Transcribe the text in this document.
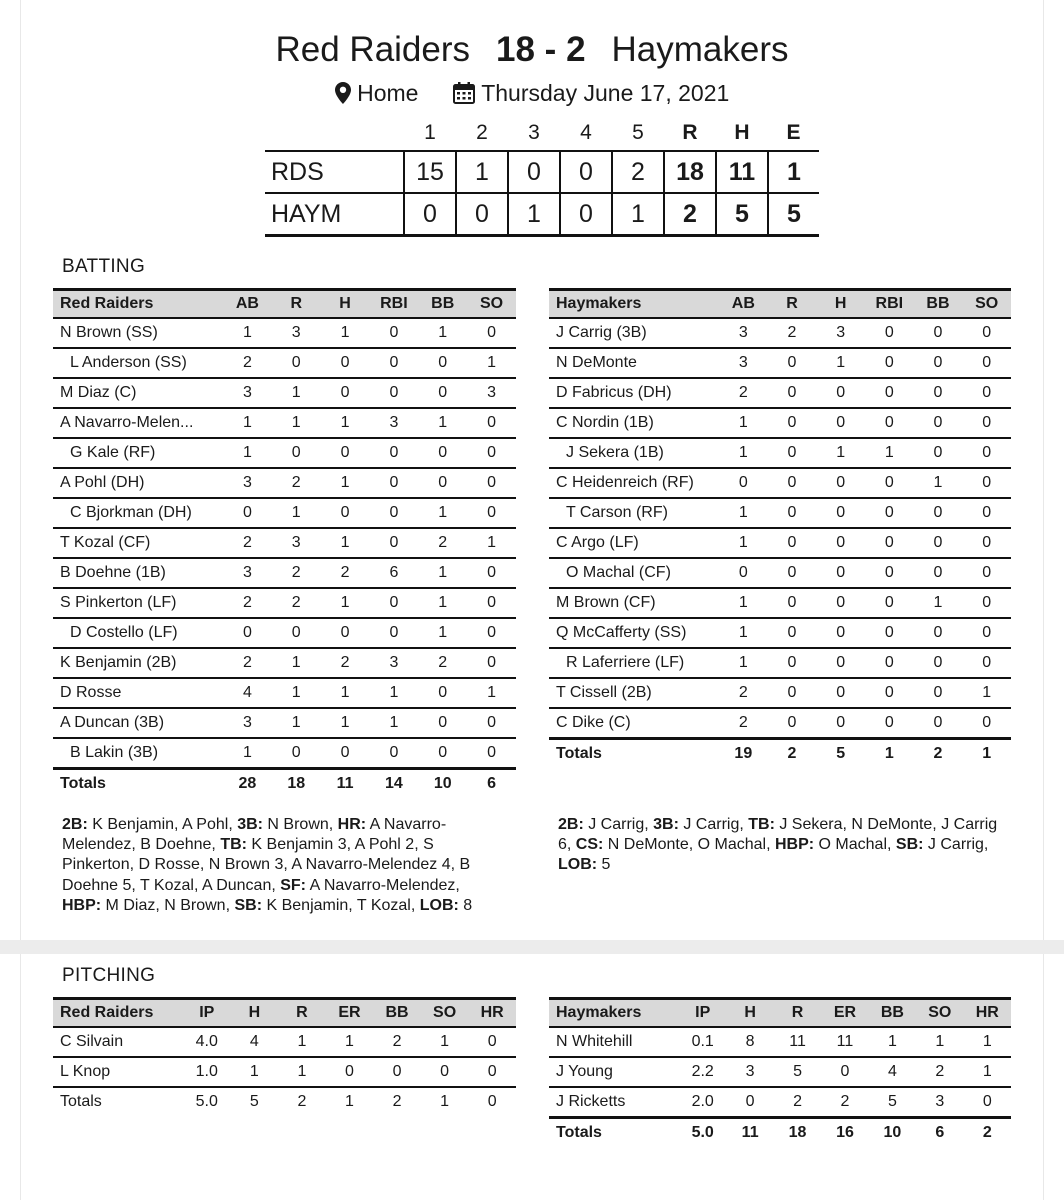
Red Raiders 18 - 2 Haymakers
Home	Thursday June 17, 2021
	1	2	3	4	5	R	H	E
RDS	15	1	0	0	2	18	11	1
HAYM	0	0	1	0	1	2	5	5
BATTING
Red Raiders	AB	R	H	RBI	BB	SO
N Brown (SS)	1	3	1	0	1	0
L Anderson (SS)	2	0	0	0	0	1
M Diaz (C)	3	1	0	0	0	3
A Navarro-Melen...	1	1	1	3	1	0
G Kale (RF)	1	0	0	0	0	0
A Pohl (DH)	3	2	1	0	0	0
C Bjorkman (DH)	0	1	0	0	1	0
T Kozal (CF)	2	3	1	0	2	1
B Doehne (1B)	3	2	2	6	1	0
S Pinkerton (LF)	2	2	1	0	1	0
D Costello (LF)	0	0	0	0	1	0
K Benjamin (2B)	2	1	2	3	2	0
D Rosse	4	1	1	1	0	1
A Duncan (3B)	3	1	1	1	0	0
B Lakin (3B)	1	0	0	0	0	0
Totals	28	18	11	14	10	6
Haymakers	AB	R	H	RBI	BB	SO
J Carrig (3B)	3	2	3	0	0	0
N DeMonte	3	0	1	0	0	0
D Fabricus (DH)	2	0	0	0	0	0
C Nordin (1B)	1	0	0	0	0	0
J Sekera (1B)	1	0	1	1	0	0
C Heidenreich (RF)	0	0	0	0	1	0
T Carson (RF)	1	0	0	0	0	0
C Argo (LF)	1	0	0	0	0	0
O Machal (CF)	0	0	0	0	0	0
M Brown (CF)	1	0	0	0	1	0
Q McCafferty (SS)	1	0	0	0	0	0
R Laferriere (LF)	1	0	0	0	0	0
T Cissell (2B)	2	0	0	0	0	1
C Dike (C)	2	0	0	0	0	0
Totals	19	2	5	1	2	1
2B: K Benjamin, A Pohl, 3B: N Brown, HR: A Navarro-Melendez, B Doehne, TB: K Benjamin 3, A Pohl 2, S Pinkerton, D Rosse, N Brown 3, A Navarro-Melendez 4, B Doehne 5, T Kozal, A Duncan, SF: A Navarro-Melendez, HBP: M Diaz, N Brown, SB: K Benjamin, T Kozal, LOB: 8
2B: J Carrig, 3B: J Carrig, TB: J Sekera, N DeMonte, J Carrig 6, CS: N DeMonte, O Machal, HBP: O Machal, SB: J Carrig, LOB: 5
PITCHING
Red Raiders	IP	H	R	ER	BB	SO	HR
C Silvain	4.0	4	1	1	2	1	0
L Knop	1.0	1	1	0	0	0	0
Totals	5.0	5	2	1	2	1	0
Haymakers	IP	H	R	ER	BB	SO	HR
N Whitehill	0.1	8	11	11	1	1	1
J Young	2.2	3	5	0	4	2	1
J Ricketts	2.0	0	2	2	5	3	0
Totals	5.0	11	18	16	10	6	2
